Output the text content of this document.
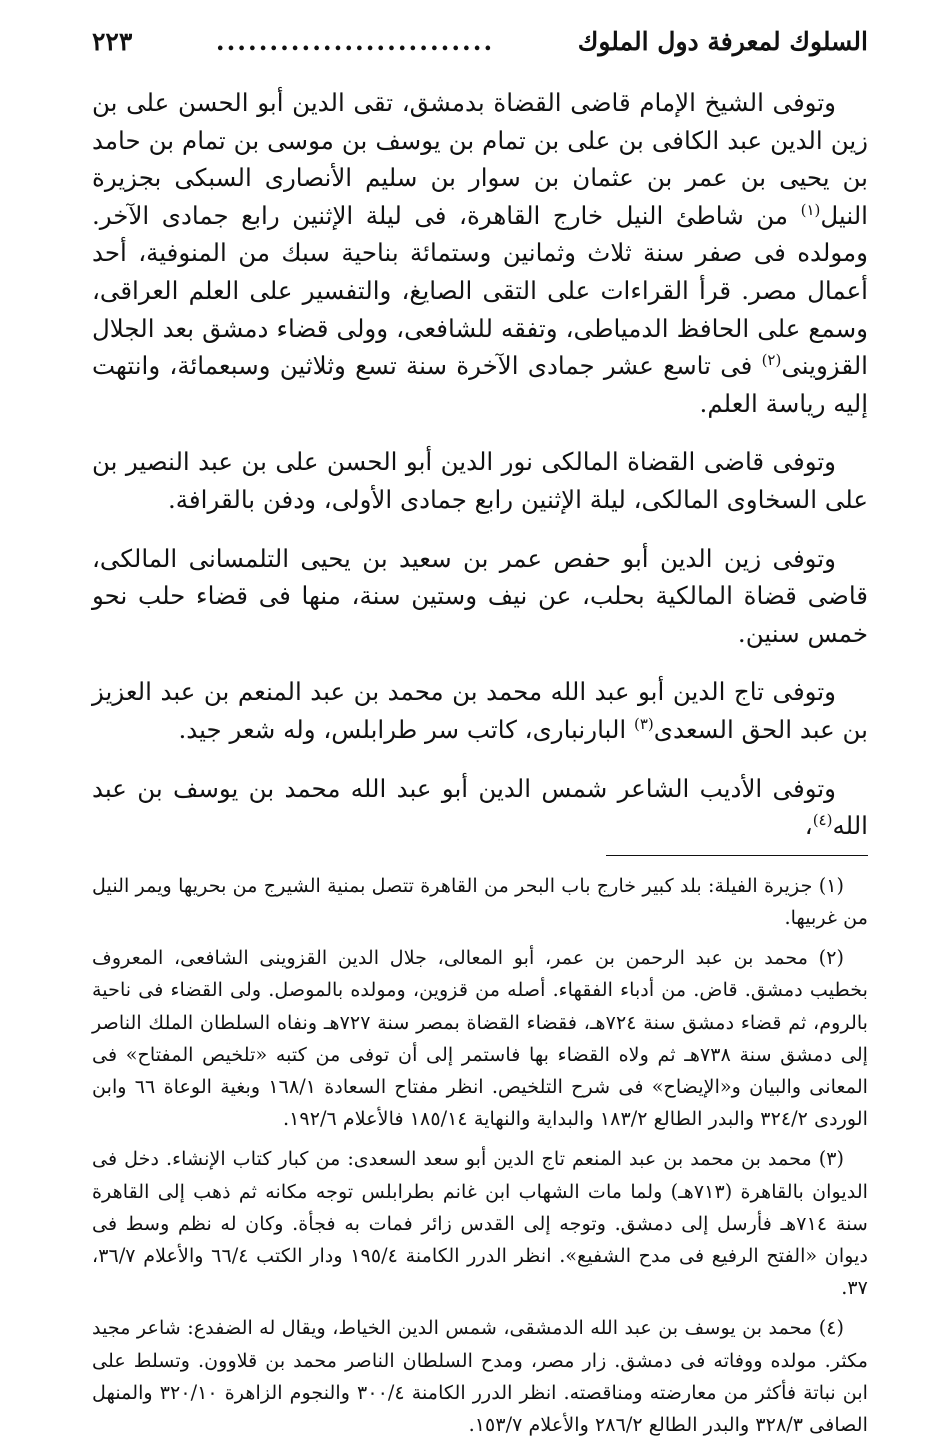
السلوك لمعرفة دول الملوك
..........................
٢٢٣

وتوفى الشيخ الإمام قاضى القضاة بدمشق، تقى الدين أبو الحسن على بن زين الدين عبد الكافى بن على بن تمام بن يوسف بن موسى بن تمام بن حامد بن يحيى بن عمر بن عثمان بن سوار بن سليم الأنصارى السبكى بجزيرة النيل$^{(١)}$ من شاطئ النيل خارج القاهرة، فى ليلة الإثنين رابع جمادى الآخر. ومولده فى صفر سنة ثلاث وثمانين وستمائة بناحية سبك من المنوفية، أحد أعمال مصر. قرأ القراءات على التقى الصايغ، والتفسير على العلم العراقى، وسمع على الحافظ الدمياطى، وتفقه للشافعى، وولى قضاء دمشق بعد الجلال القزوينى$^{(٢)}$ فى تاسع عشر جمادى الآخرة سنة تسع وثلاثين وسبعمائة، وانتهت إليه رياسة العلم.

وتوفى قاضى القضاة المالكى نور الدين أبو الحسن على بن عبد النصير بن على السخاوى المالكى، ليلة الإثنين رابع جمادى الأولى، ودفن بالقرافة.

وتوفى زين الدين أبو حفص عمر بن سعيد بن يحيى التلمسانى المالكى، قاضى قضاة المالكية بحلب، عن نيف وستين سنة، منها فى قضاء حلب نحو خمس سنين.

وتوفى تاج الدين أبو عبد الله محمد بن محمد بن عبد المنعم بن عبد العزيز بن عبد الحق السعدى$^{(٣)}$ البارنبارى، كاتب سر طرابلس، وله شعر جيد.

وتوفى الأديب الشاعر شمس الدين أبو عبد الله محمد بن يوسف بن عبد الله$^{(٤)}$،

(١) جزيرة الفيلة: بلد كبير خارج باب البحر من القاهرة تتصل بمنية الشيرج من بحريها ويمر النيل من غربيها.

(٢) محمد بن عبد الرحمن بن عمر، أبو المعالى، جلال الدين القزوينى الشافعى، المعروف بخطيب دمشق. قاض. من أدباء الفقهاء. أصله من قزوين، ومولده بالموصل. ولى القضاء فى ناحية بالروم، ثم قضاء دمشق سنة ٧٢٤هـ، فقضاء القضاة بمصر سنة ٧٢٧هـ ونفاه السلطان الملك الناصر إلى دمشق سنة ٧٣٨هـ ثم ولاه القضاء بها فاستمر إلى أن توفى من كتبه «تلخيص المفتاح» فى المعانى والبيان و«الإيضاح» فى شرح التلخيص. انظر مفتاح السعادة ١٦٨/١ وبغية الوعاة ٦٦ وابن الوردى ٣٢٤/٢ والبدر الطالع ١٨٣/٢ والبداية والنهاية ١٨٥/١٤ فالأعلام ١٩٢/٦.

(٣) محمد بن محمد بن عبد المنعم تاج الدين أبو سعد السعدى: من كبار كتاب الإنشاء. دخل فى الديوان بالقاهرة (٧١٣هـ) ولما مات الشهاب ابن غانم بطرابلس توجه مكانه ثم ذهب إلى القاهرة سنة ٧١٤هـ فأرسل إلى دمشق. وتوجه إلى القدس زائر فمات به فجأة. وكان له نظم وسط فى ديوان «الفتح الرفيع فى مدح الشفيع». انظر الدرر الكامنة ١٩٥/٤ ودار الكتب ٦٦/٤ والأعلام ٣٦/٧، ٣٧.

(٤) محمد بن يوسف بن عبد الله الدمشقى، شمس الدين الخياط، ويقال له الضفدع: شاعر مجيد مكثر. مولده ووفاته فى دمشق. زار مصر، ومدح السلطان الناصر محمد بن قلاوون. وتسلط على ابن نباتة فأكثر من معارضته ومناقصته. انظر الدرر الكامنة ٣٠٠/٤ والنجوم الزاهرة ٣٢٠/١٠ والمنهل الصافى ٣٢٨/٣ والبدر الطالع ٢٨٦/٢ والأعلام ١٥٣/٧.
